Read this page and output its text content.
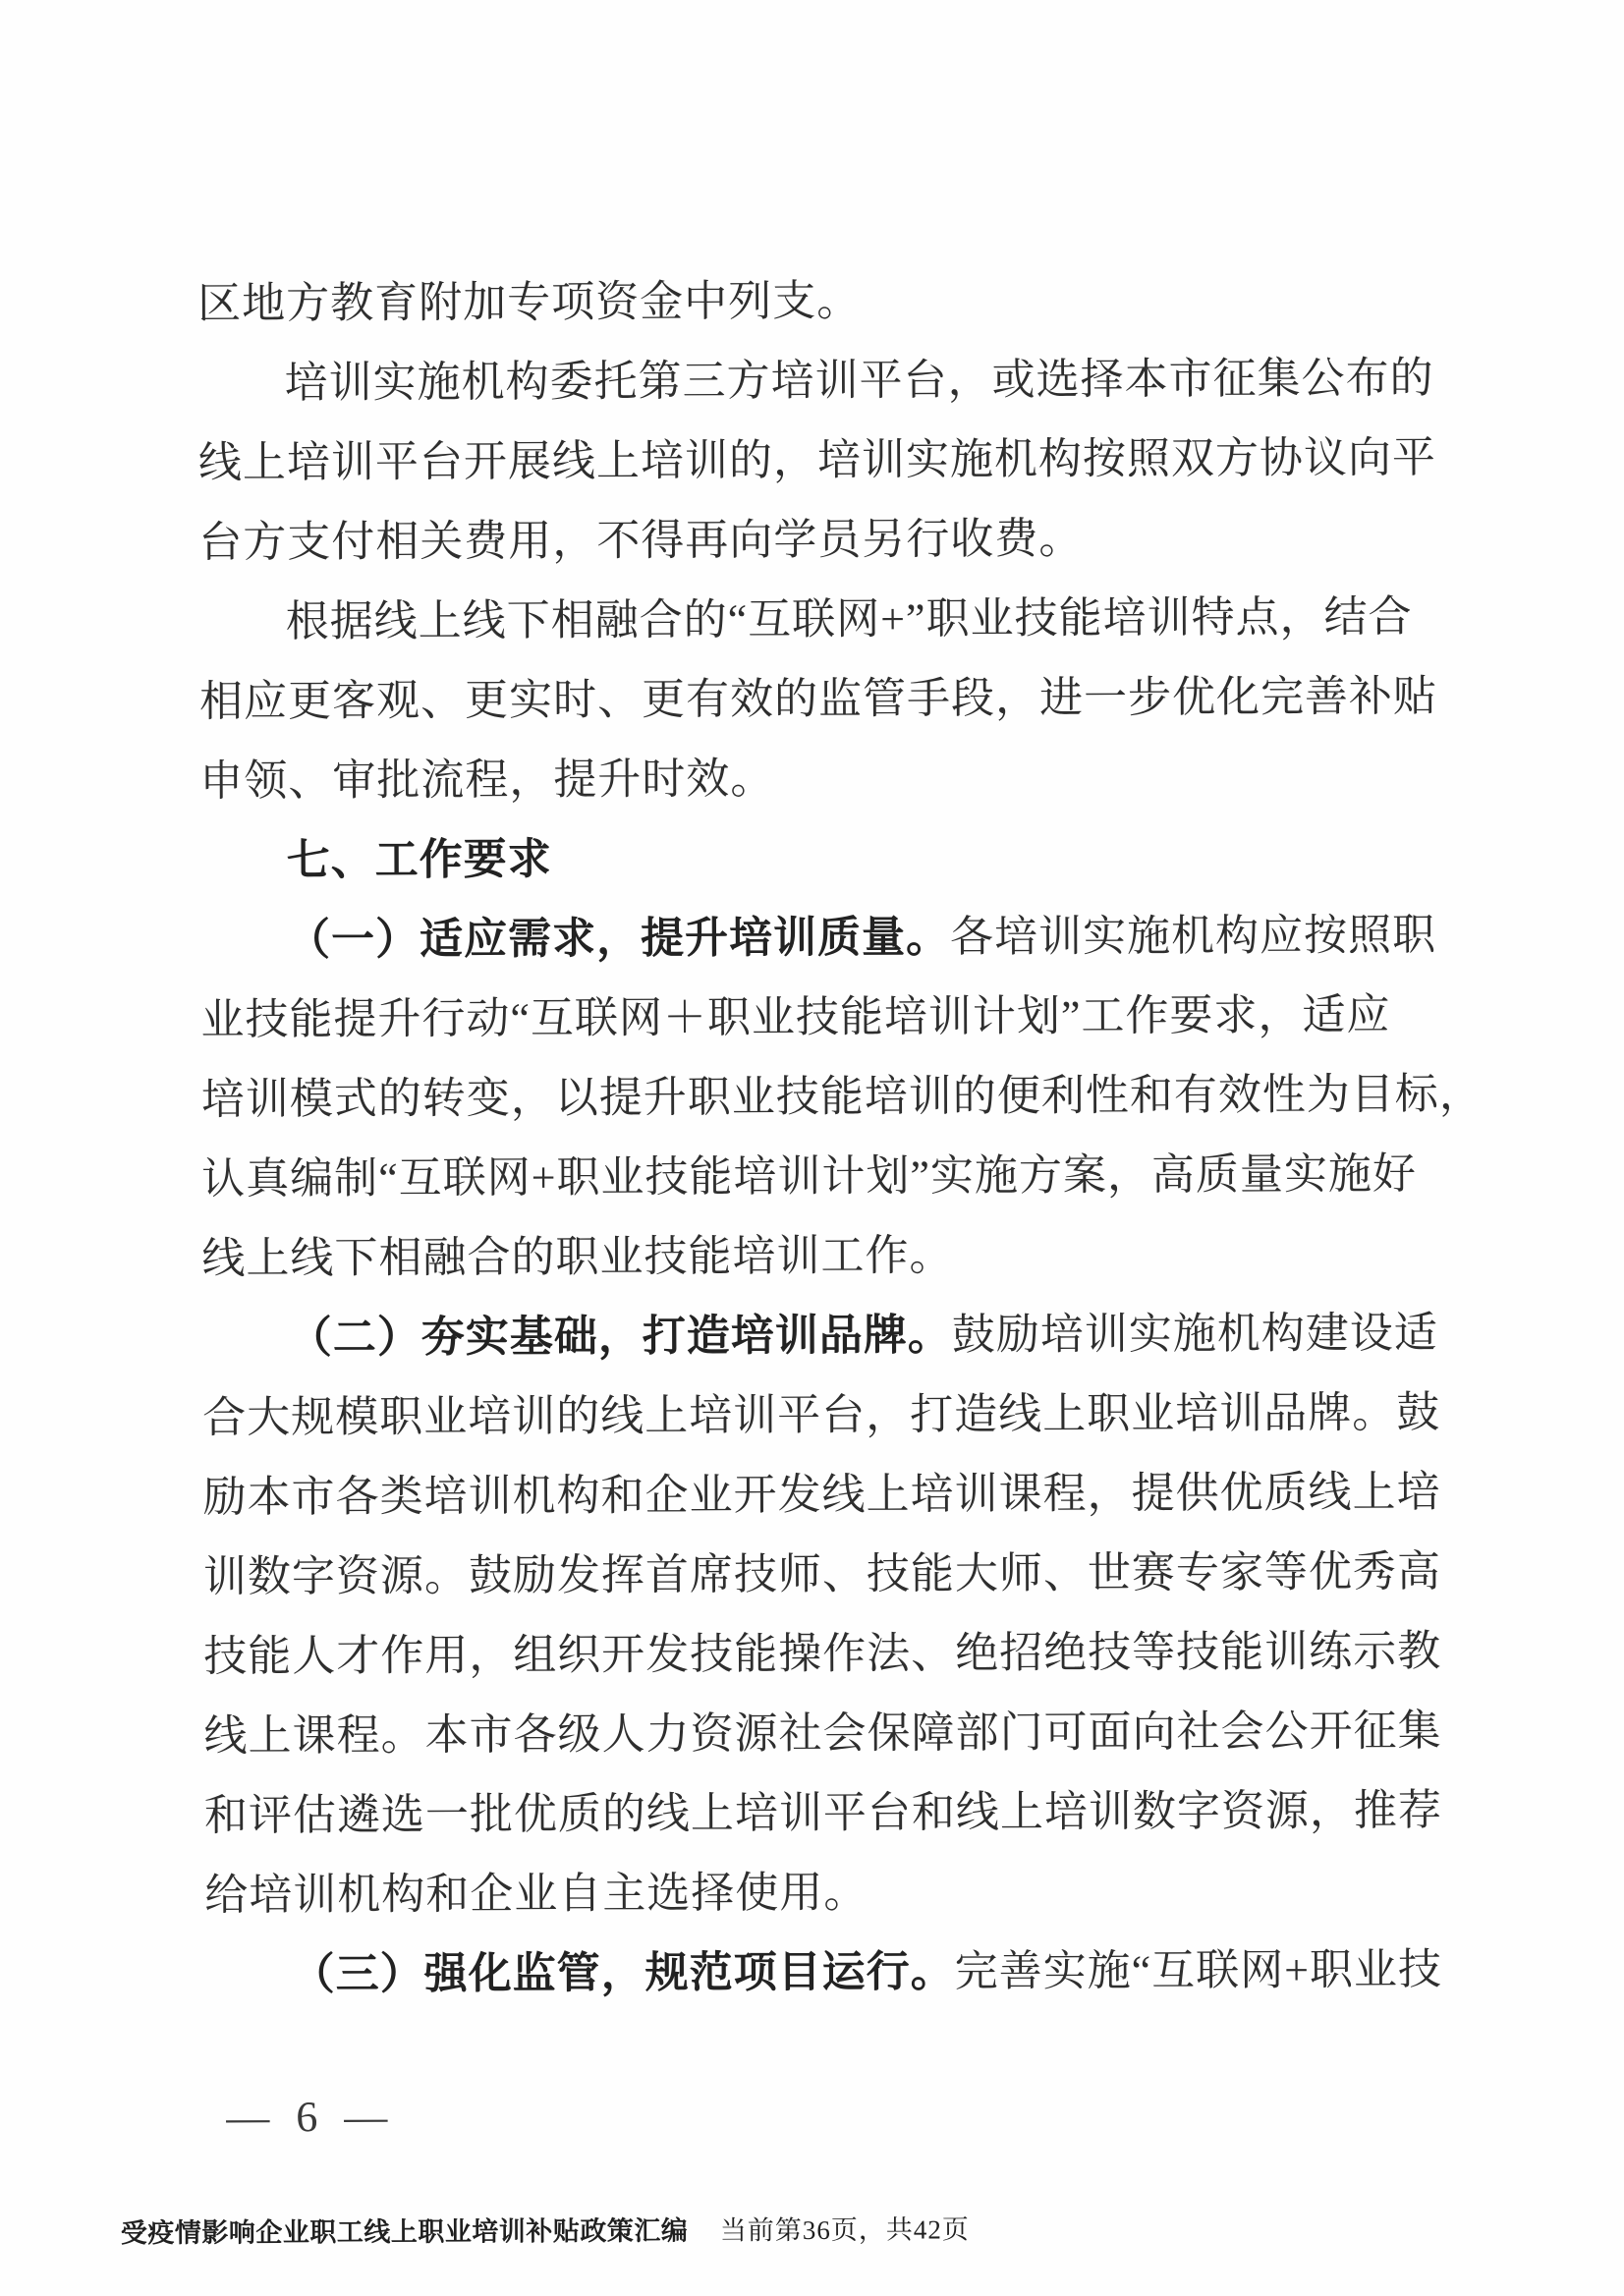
区地方教育附加专项资金中列支。
培训实施机构委托第三方培训平台，或选择本市征集公布的
线上培训平台开展线上培训的，培训实施机构按照双方协议向平
台方支付相关费用，不得再向学员另行收费。
根据线上线下相融合的“互联网+”职业技能培训特点，结合
相应更客观、更实时、更有效的监管手段，进一步优化完善补贴
申领、审批流程，提升时效。
七、工作要求
（一）适应需求，提升培训质量。各培训实施机构应按照职
业技能提升行动“互联网＋职业技能培训计划”工作要求，适应
培训模式的转变，以提升职业技能培训的便利性和有效性为目标，
认真编制“互联网+职业技能培训计划”实施方案，高质量实施好
线上线下相融合的职业技能培训工作。
（二）夯实基础，打造培训品牌。鼓励培训实施机构建设适
合大规模职业培训的线上培训平台，打造线上职业培训品牌。鼓
励本市各类培训机构和企业开发线上培训课程，提供优质线上培
训数字资源。鼓励发挥首席技师、技能大师、世赛专家等优秀高
技能人才作用，组织开发技能操作法、绝招绝技等技能训练示教
线上课程。本市各级人力资源社会保障部门可面向社会公开征集
和评估遴选一批优质的线上培训平台和线上培训数字资源，推荐
给培训机构和企业自主选择使用。
（三）强化监管，规范项目运行。完善实施“互联网+职业技
— 6 —
受疫情影响企业职工线上职业培训补贴政策汇编 当前第36页，共42页
